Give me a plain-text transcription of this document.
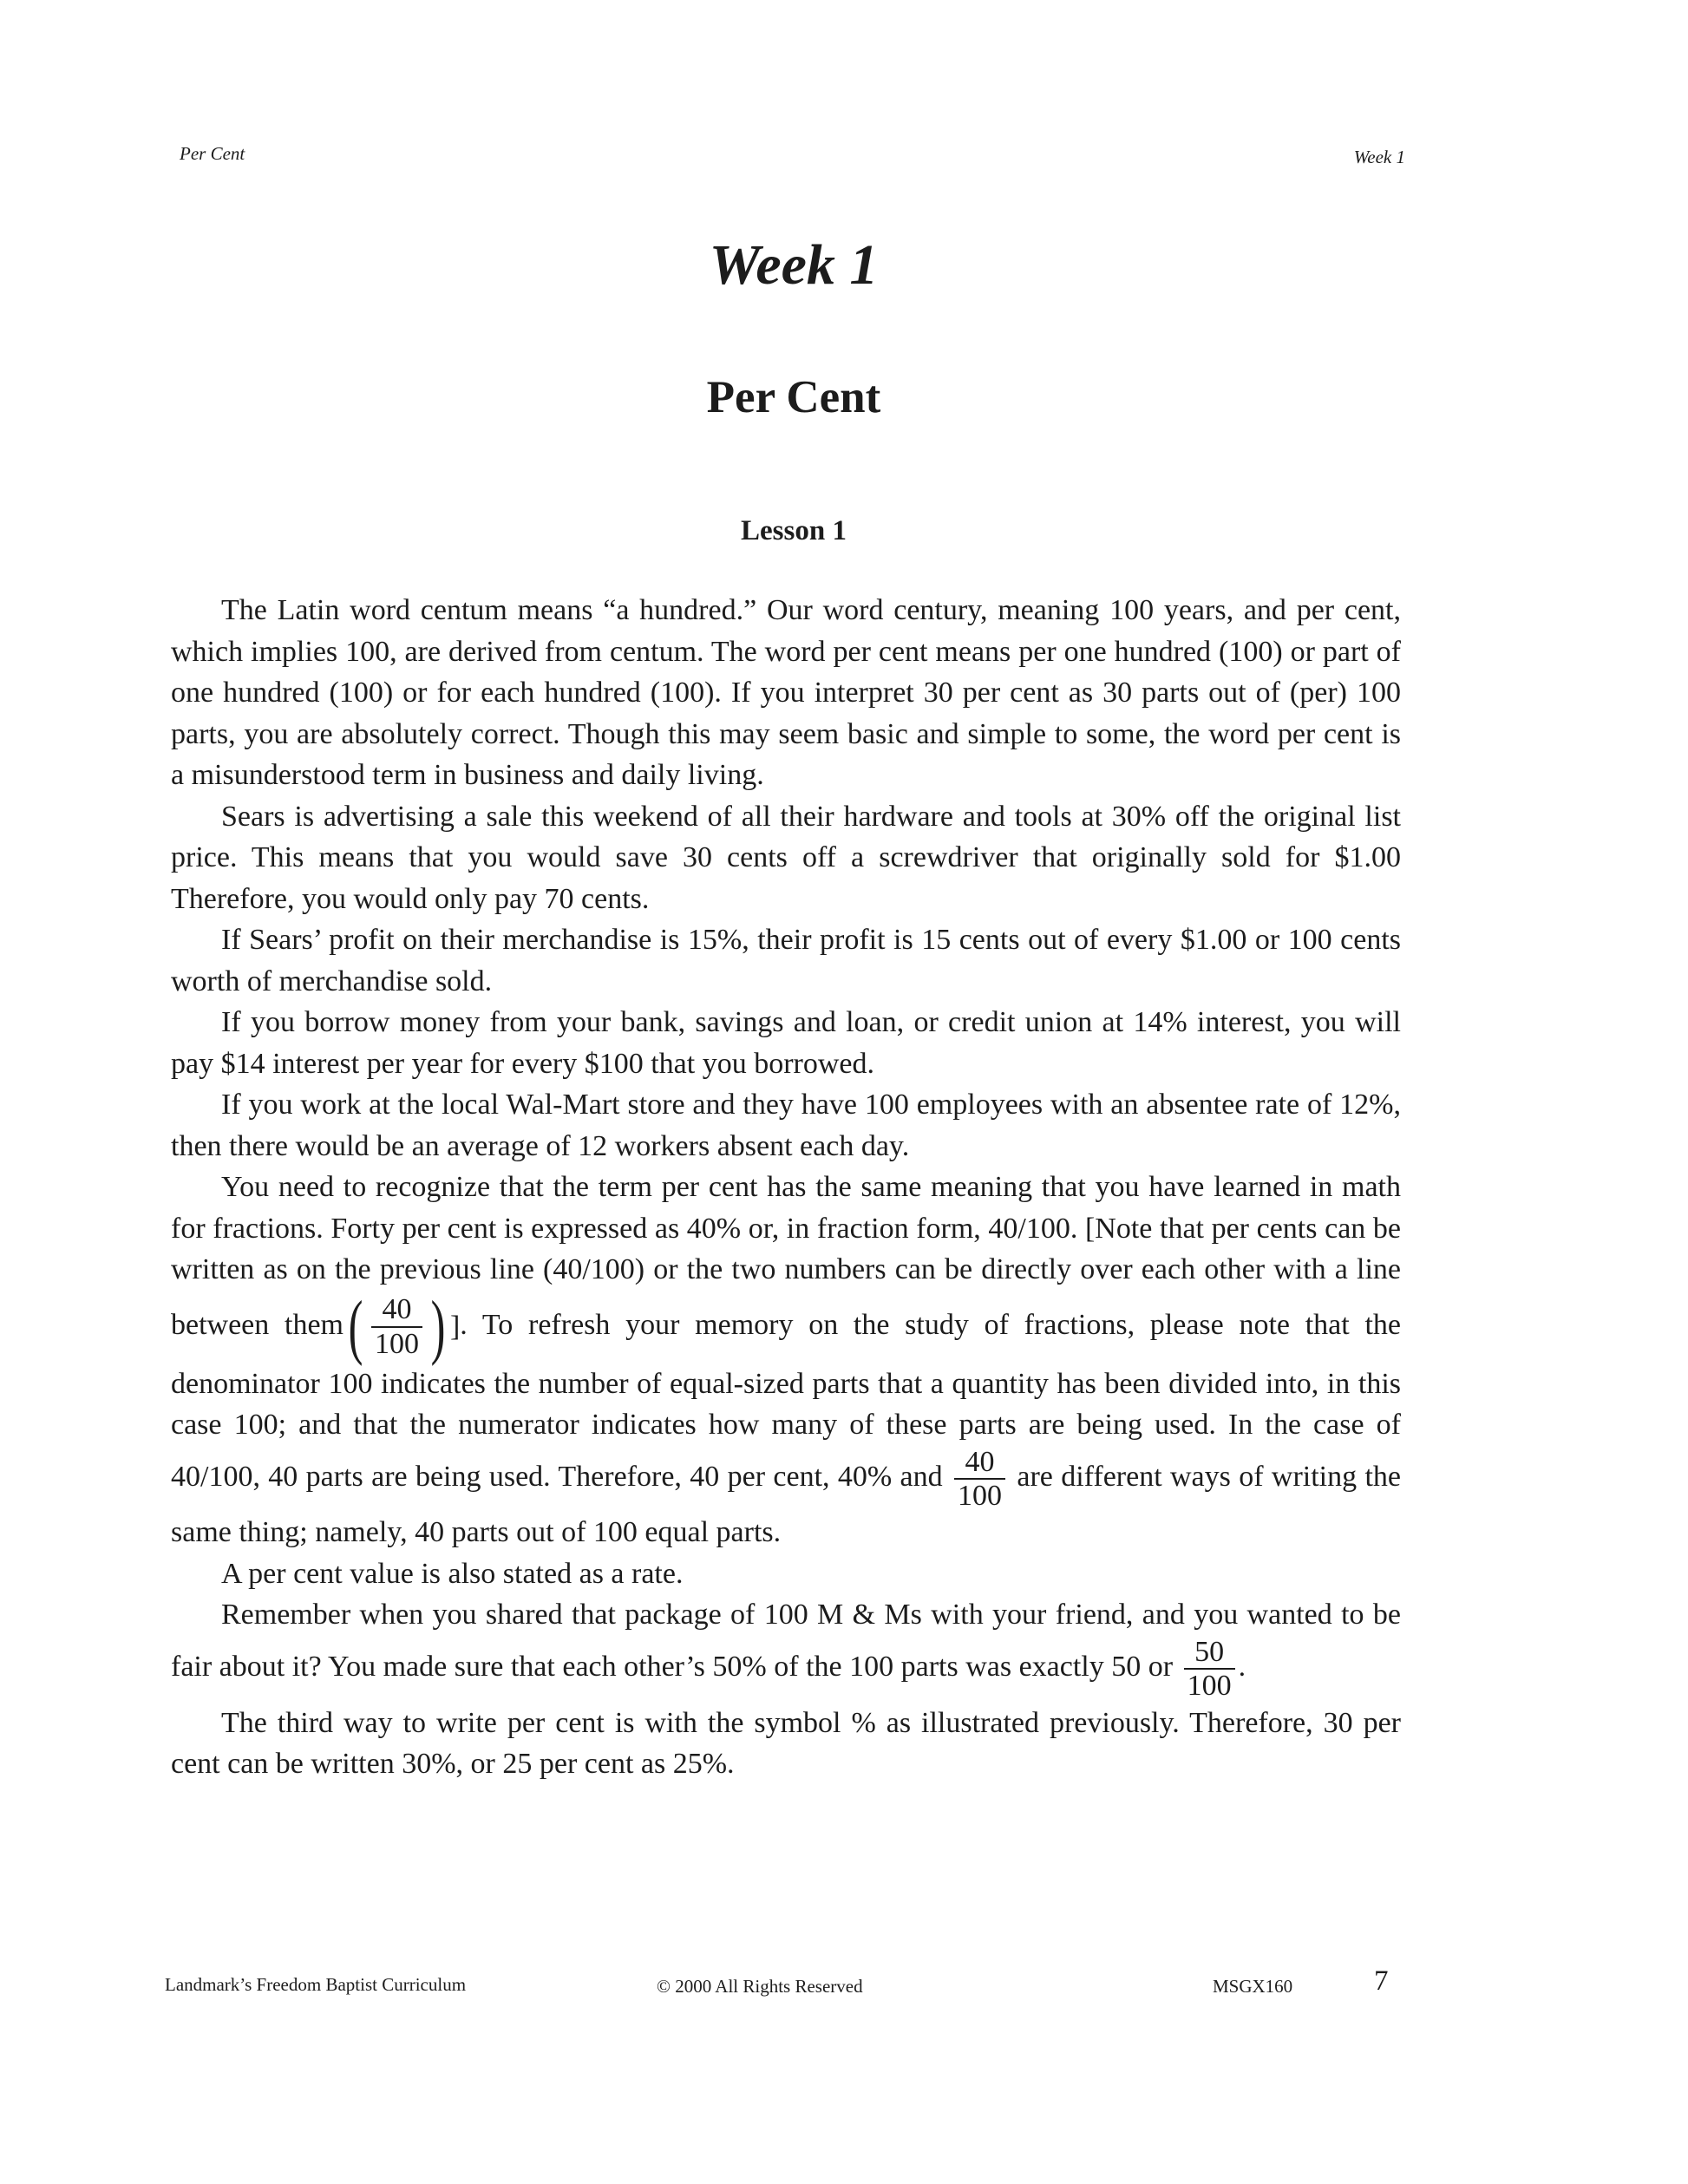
Per Cent	Week 1
Week 1
Per Cent
Lesson 1

The Latin word centum means “a hundred.” Our word century, meaning 100 years, and per cent, which implies 100, are derived from centum. The word per cent means per one hundred (100) or part of one hundred (100) or for each hundred (100). If you interpret 30 per cent as 30 parts out of (per) 100 parts, you are absolutely correct. Though this may seem basic and simple to some, the word per cent is a misunderstood term in business and daily living.

Sears is advertising a sale this weekend of all their hardware and tools at 30% off the original list price. This means that you would save 30 cents off a screwdriver that originally sold for $1.00 Therefore, you would only pay 70 cents.

If Sears’ profit on their merchandise is 15%, their profit is 15 cents out of every $1.00 or 100 cents worth of merchandise sold.

If you borrow money from your bank, savings and loan, or credit union at 14% interest, you will pay $14 interest per year for every $100 that you borrowed.

If you work at the local Wal-Mart store and they have 100 employees with an absentee rate of 12%, then there would be an average of 12 workers absent each day.

You need to recognize that the term per cent has the same meaning that you have learned in math for fractions. Forty per cent is expressed as 40% or, in fraction form, 40/100. [Note that per cents can be written as on the previous line (40/100) or the two numbers can be directly over each other with a line between them ( $\frac{40}{100}$ ) ] . To refresh your memory on the study of fractions, please note that the denominator 100 indicates the number of equal-sized parts that a quantity has been divided into, in this case 100; and that the numerator indicates how many of these parts are being used. In the case of 40/100, 40 parts are being used. Therefore, 40 per cent, 40% and $\frac{40}{100}$ are different ways of writing the same thing; namely, 40 parts out of 100 equal parts.

A per cent value is also stated as a rate.

Remember when you shared that package of 100 M & Ms with your friend, and you wanted to be fair about it? You made sure that each other’s 50% of the 100 parts was exactly 50 or $\frac{50}{100}$ .

The third way to write per cent is with the symbol % as illustrated previously. Therefore, 30 per cent can be written 30%, or 25 per cent as 25%.

Landmark’s Freedom Baptist Curriculum	© 2000 All Rights Reserved	MSGX160	7
